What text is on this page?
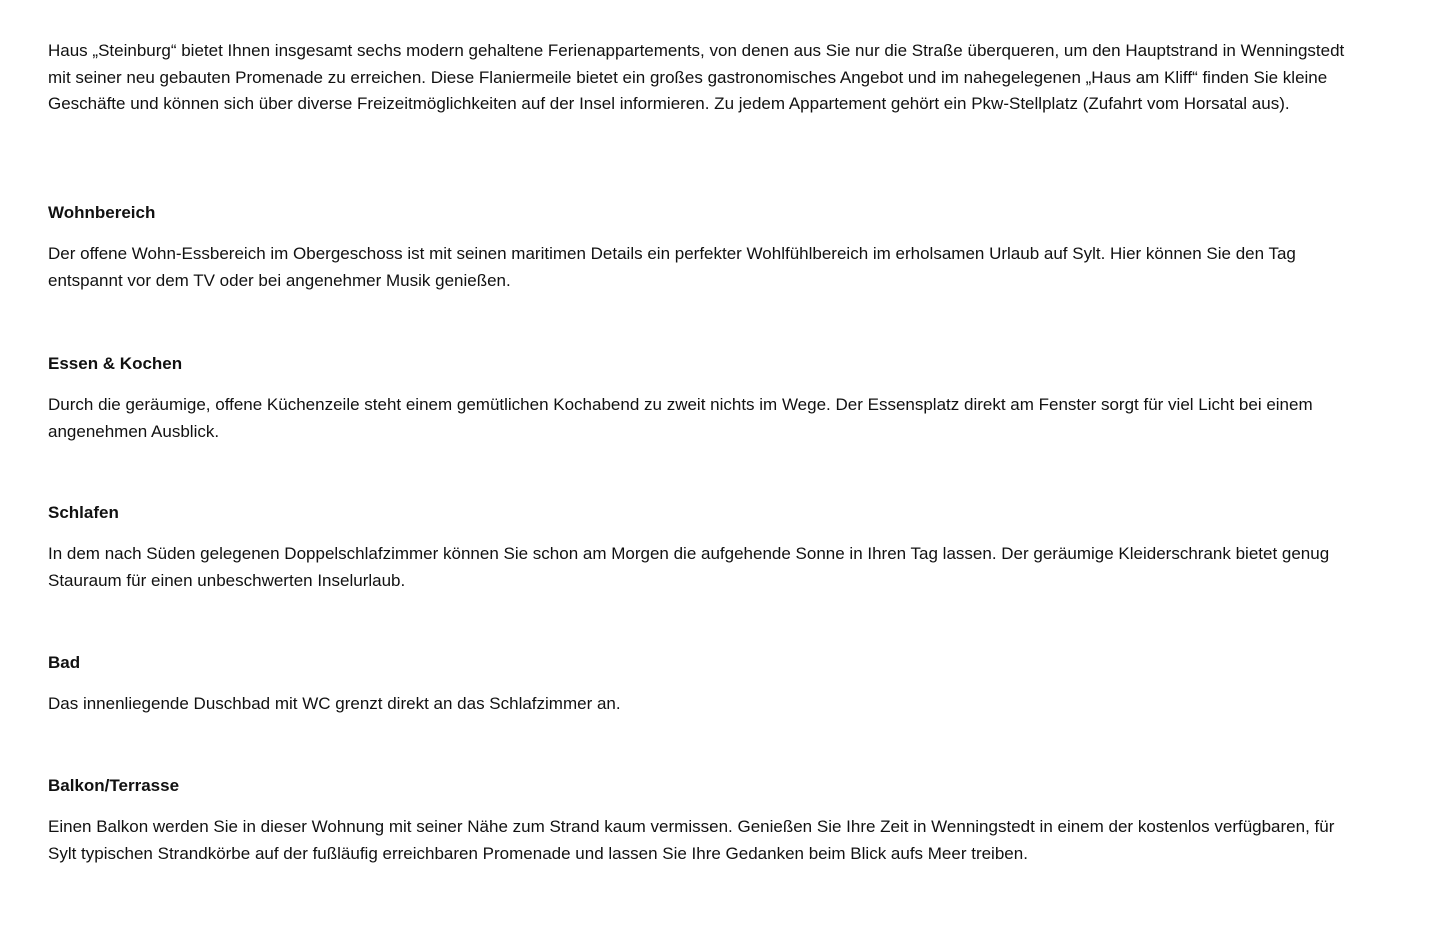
Haus „Steinburg“ bietet Ihnen insgesamt sechs modern gehaltene Ferienappartements, von denen aus Sie nur die Straße überqueren, um den Hauptstrand in Wenningstedt mit seiner neu gebauten Promenade zu erreichen. Diese Flaniermeile bietet ein großes gastronomisches Angebot und im nahegelegenen „Haus am Kliff“ finden Sie kleine Geschäfte und können sich über diverse Freizeitmöglichkeiten auf der Insel informieren. Zu jedem Appartement gehört ein Pkw-Stellplatz (Zufahrt vom Horsatal aus).

Wohnbereich

Der offene Wohn-Essbereich im Obergeschoss ist mit seinen maritimen Details ein perfekter Wohlfühlbereich im erholsamen Urlaub auf Sylt. Hier können Sie den Tag entspannt vor dem TV oder bei angenehmer Musik genießen.

Essen & Kochen

Durch die geräumige, offene Küchenzeile steht einem gemütlichen Kochabend zu zweit nichts im Wege. Der Essensplatz direkt am Fenster sorgt für viel Licht bei einem angenehmen Ausblick.

Schlafen

In dem nach Süden gelegenen Doppelschlafzimmer können Sie schon am Morgen die aufgehende Sonne in Ihren Tag lassen. Der geräumige Kleiderschrank bietet genug Stauraum für einen unbeschwerten Inselurlaub.

Bad

Das innenliegende Duschbad mit WC grenzt direkt an das Schlafzimmer an.

Balkon/Terrasse

Einen Balkon werden Sie in dieser Wohnung mit seiner Nähe zum Strand kaum vermissen. Genießen Sie Ihre Zeit in Wenningstedt in einem der kostenlos verfügbaren, für Sylt typischen Strandkörbe auf der fußläufig erreichbaren Promenade und lassen Sie Ihre Gedanken beim Blick aufs Meer treiben.
